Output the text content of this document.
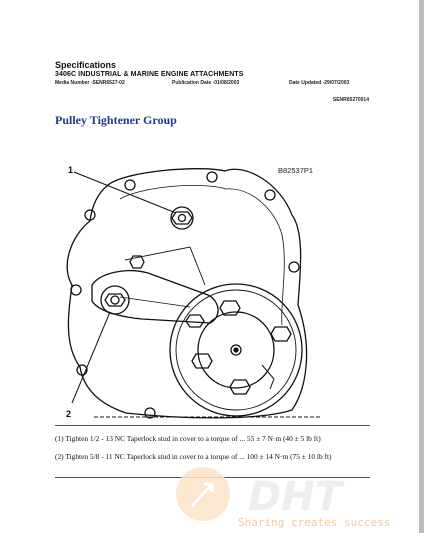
Specifications
3406C INDUSTRIAL & MARINE ENGINE ATTACHMENTS
Media Number -SENR6527-02	Publication Date -01/08/2003	Date Updated -29/07/2003
SENR65270014
Pulley Tightener Group
B82537P1
1
2
(1) Tighten 1/2 - 13 NC Taperlock stud in cover to a torque of ... 55 ± 7 N·m (40 ± 5 lb ft)
(2) Tighten 5/8 - 11 NC Taperlock stud in cover to a torque of ... 100 ± 14 N·m (75 ± 10 lb ft)
DHT
Sharing creates success
